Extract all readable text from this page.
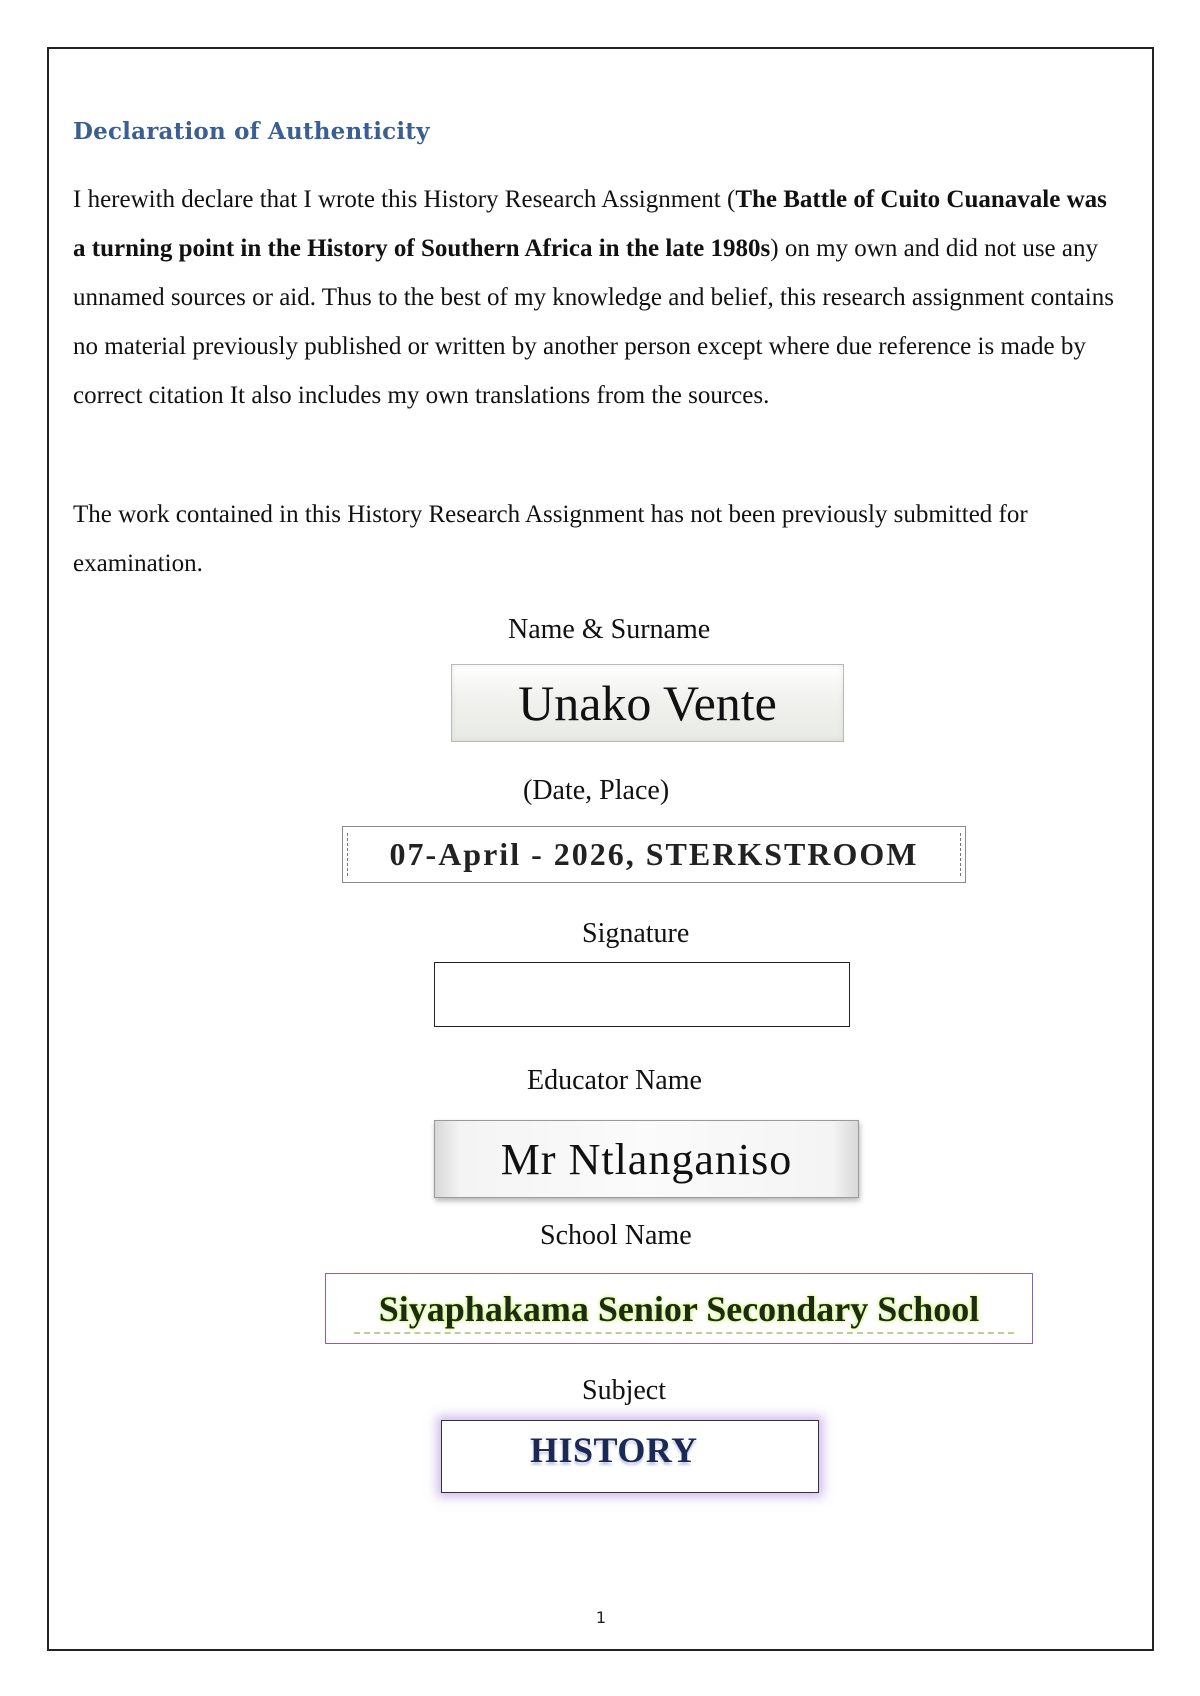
Declaration of Authenticity

I herewith declare that I wrote this History Research Assignment (The Battle of Cuito Cuanavale was a turning point in the History of Southern Africa in the late 1980s) on my own and did not use any unnamed sources or aid. Thus to the best of my knowledge and belief, this research assignment contains no material previously published or written by another person except where due reference is made by correct citation It also includes my own translations from the sources.

The work contained in this History Research Assignment has not been previously submitted for examination.

Name & Surname
Unako Vente
(Date, Place)
07-April - 2026, STERKSTROOM
Signature
Educator Name
Mr Ntlanganiso
School Name
Siyaphakama Senior Secondary School
Subject
HISTORY
1
